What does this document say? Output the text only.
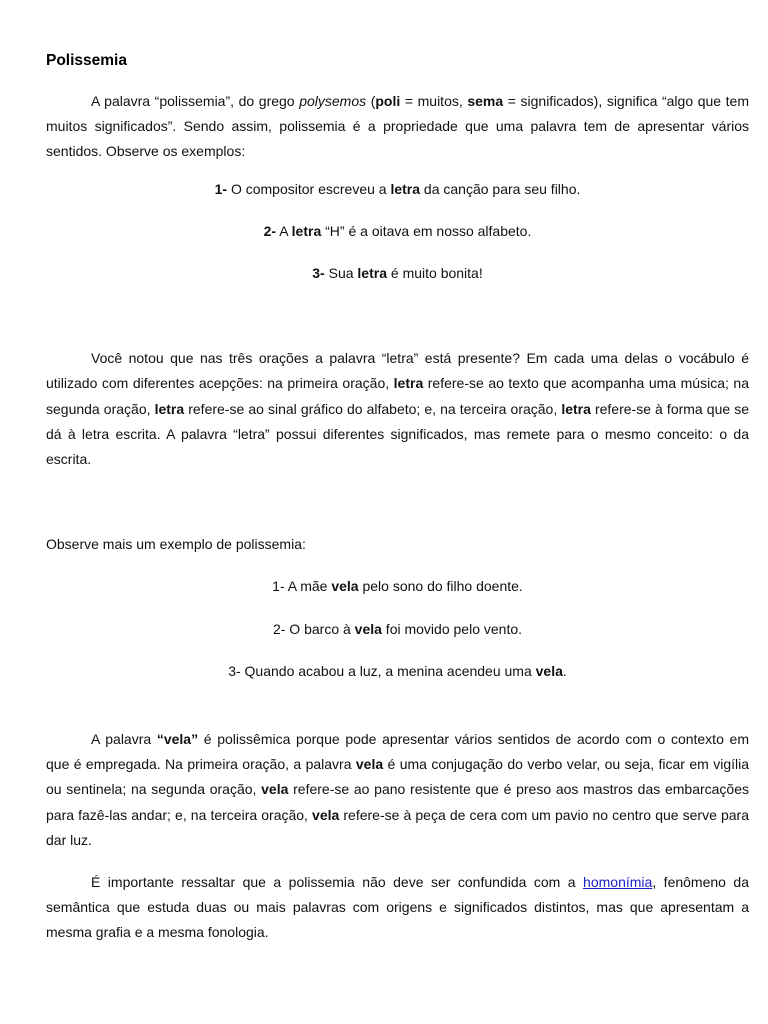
Polissemia

A palavra “polissemia”, do grego polysemos (poli = muitos, sema = significados), significa “algo que tem muitos significados”. Sendo assim, polissemia é a propriedade que uma palavra tem de apresentar vários sentidos. Observe os exemplos:

1- O compositor escreveu a letra da canção para seu filho.

2- A letra “H” é a oitava em nosso alfabeto.

3- Sua letra é muito bonita!

Você notou que nas três orações a palavra “letra” está presente? Em cada uma delas o vocábulo é utilizado com diferentes acepções: na primeira oração, letra refere-se ao texto que acompanha uma música; na segunda oração, letra refere-se ao sinal gráfico do alfabeto; e, na terceira oração, letra refere-se à forma que se dá à letra escrita. A palavra “letra” possui diferentes significados, mas remete para o mesmo conceito: o da escrita.

Observe mais um exemplo de polissemia:

1- A mãe vela pelo sono do filho doente.

2- O barco à vela foi movido pelo vento.

3- Quando acabou a luz, a menina acendeu uma vela.

A palavra “vela” é polissêmica porque pode apresentar vários sentidos de acordo com o contexto em que é empregada. Na primeira oração, a palavra vela é uma conjugação do verbo velar, ou seja, ficar em vigília ou sentinela; na segunda oração, vela refere-se ao pano resistente que é preso aos mastros das embarcações para fazê-las andar; e, na terceira oração, vela refere-se à peça de cera com um pavio no centro que serve para dar luz.

É importante ressaltar que a polissemia não deve ser confundida com a homonímia, fenômeno da semântica que estuda duas ou mais palavras com origens e significados distintos, mas que apresentam a mesma grafia e a mesma fonologia.
